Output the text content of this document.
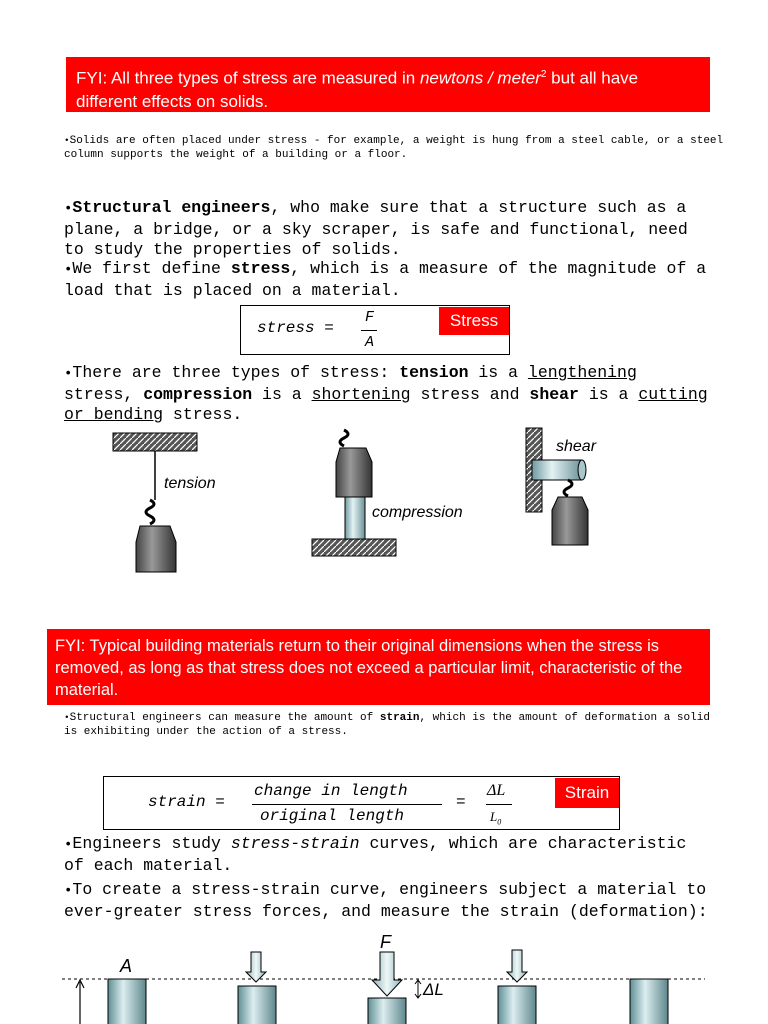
FYI: All three types of stress are measured in newtons / meter$^2$ but all have different effects on solids.
•Solids are often placed under stress - for example, a weight is hung from a steel cable, or a steel column supports the weight of a building or a floor.
•Structural engineers, who make sure that a structure such as a plane, a bridge, or a sky scraper, is safe and functional, need to study the properties of solids.
•We first define stress, which is a measure of the magnitude of a load that is placed on a material.
stress =
F
A
Stress
•There are three types of stress: tension is a lengthening stress, compression is a shortening stress and shear is a cutting or bending stress.
tension
compression
shear
FYI: Typical building materials return to their original dimensions when the stress is removed, as long as that stress does not exceed a particular limit, characteristic of the material.
•Structural engineers can measure the amount of strain, which is the amount of deformation a solid is exhibiting under the action of a stress.
strain =
change in length
original length
=
ΔL
$L_0$
Strain
•Engineers study stress-strain curves, which are characteristic of each material.
•To create a stress-strain curve, engineers subject a material to ever-greater stress forces, and measure the strain (deformation):
A
F
ΔL
